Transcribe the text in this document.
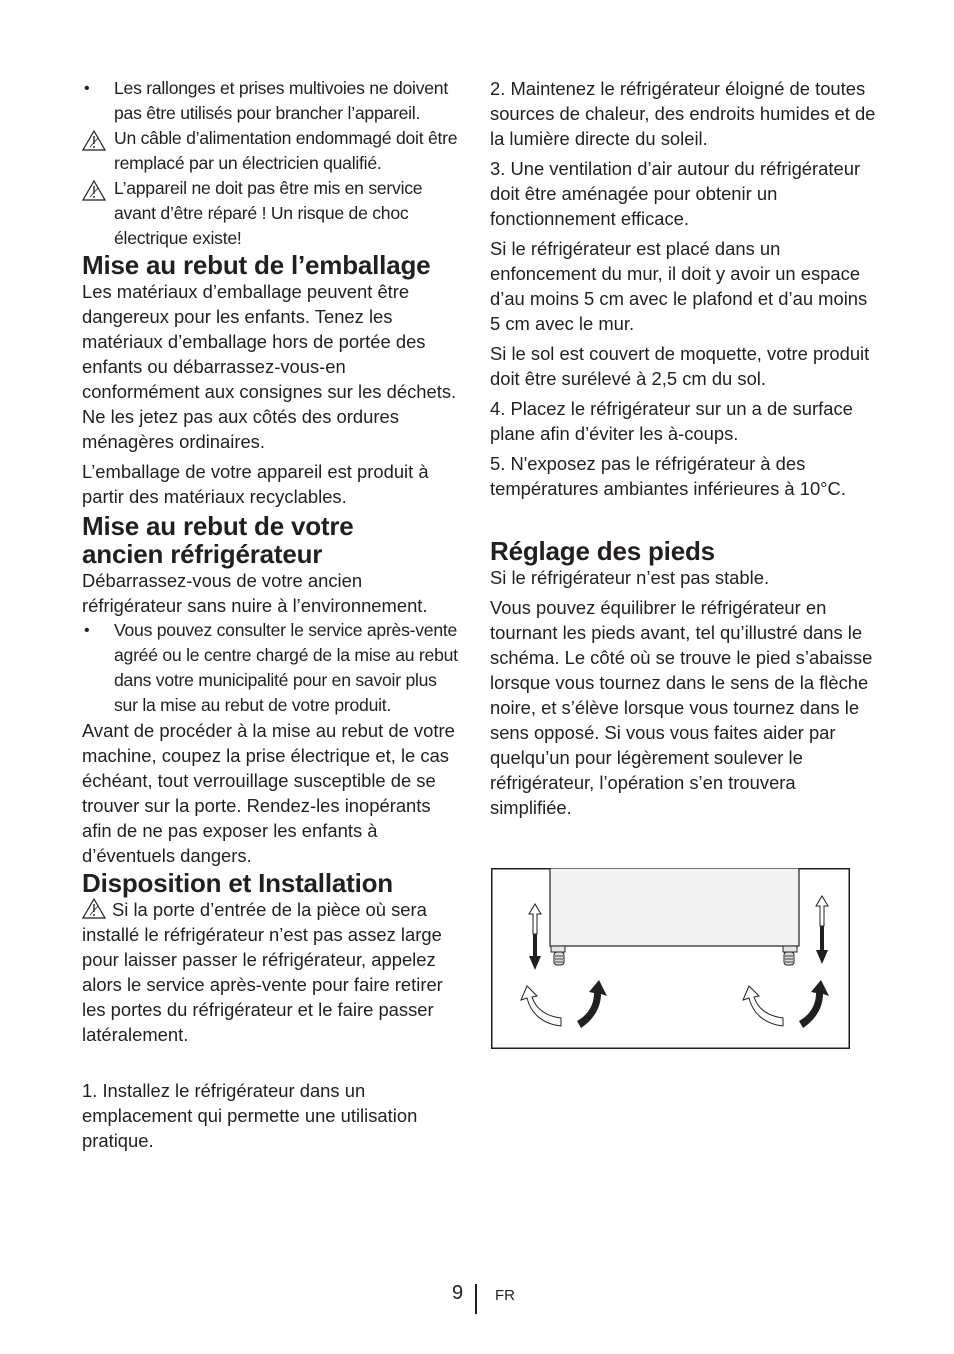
•	Les rallonges et prises multivoies ne doivent pas être utilisés pour brancher l’appareil.
Un câble d’alimentation endommagé doit être remplacé par un électricien qualifié.
L’appareil ne doit pas être mis en service avant d’être réparé ! Un risque de choc électrique existe!
Mise au rebut de l’emballage

Les matériaux d’emballage peuvent être dangereux pour les enfants. Tenez les matériaux d’emballage hors de portée des enfants ou débarrassez-vous-en conformément aux consignes sur les déchets. Ne les jetez pas aux côtés des ordures ménagères ordinaires.

L’emballage de votre appareil est produit à partir des matériaux recyclables.

Mise au rebut de votre
ancien réfrigérateur

Débarrassez-vous de votre ancien réfrigérateur sans nuire à l’environnement.

•	Vous pouvez consulter le service après-vente agréé ou le centre chargé de la mise au rebut dans votre municipalité pour en savoir plus sur la mise au rebut de votre produit.

Avant de procéder à la mise au rebut de votre machine, coupez la prise électrique et, le cas échéant, tout verrouillage susceptible de se trouver sur la porte. Rendez-les inopérants afin de ne pas exposer les enfants à d’éventuels dangers.

Disposition et Installation

Si la porte d’entrée de la pièce où sera installé le réfrigérateur n’est pas assez large pour laisser passer le réfrigérateur, appelez alors le service après-vente pour faire retirer les portes du réfrigérateur et le faire passer latéralement.

1. Installez le réfrigérateur dans un emplacement qui permette une utilisation pratique.

2. Maintenez le réfrigérateur éloigné de toutes sources de chaleur, des endroits humides et de la lumière directe du soleil.

3. Une ventilation d’air autour du réfrigérateur doit être aménagée pour obtenir un fonctionnement efficace.

Si le réfrigérateur est placé dans un enfoncement du mur, il doit y avoir un espace d’au moins 5 cm avec le plafond et d’au moins 5 cm avec le mur.

Si le sol est couvert de moquette, votre produit doit être surélevé à 2,5 cm du sol.

4. Placez le réfrigérateur sur un a de surface plane afin d’éviter les à-coups.

5. N'exposez pas le réfrigérateur à des températures ambiantes inférieures à 10°C.

Réglage des pieds

Si le réfrigérateur n’est pas stable.

Vous pouvez équilibrer le réfrigérateur en tournant les pieds avant, tel qu’illustré dans le schéma. Le côté où se trouve le pied s’abaisse lorsque vous tournez dans le sens de la flèche noire, et s’élève lorsque vous tournez dans le sens opposé. Si vous vous faites aider par quelqu’un pour légèrement soulever le réfrigérateur, l’opération s’en trouvera simplifiée.

9 FR
